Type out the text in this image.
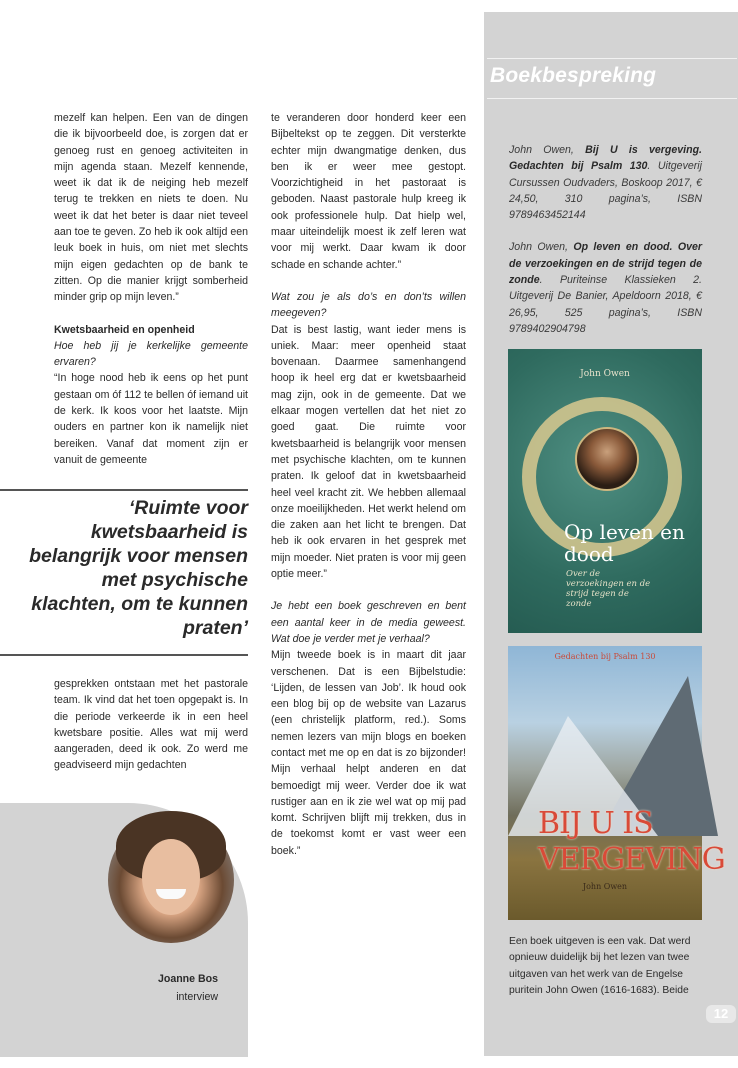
mezelf kan helpen. Een van de dingen die ik bijvoorbeeld doe, is zorgen dat er genoeg rust en genoeg activiteiten in mijn agenda staan. Mezelf kennende, weet ik dat ik de neiging heb mezelf terug te trekken en niets te doen. Nu weet ik dat het beter is daar niet teveel aan toe te geven. Zo heb ik ook altijd een leuk boek in huis, om niet met slechts mijn eigen gedachten op de bank te zitten. Op die manier krijgt somberheid minder grip op mijn leven.”

Kwetsbaarheid en openheid

Hoe heb jij je kerkelijke gemeente ervaren?

“In hoge nood heb ik eens op het punt gestaan om óf 112 te bellen óf iemand uit de kerk. Ik koos voor het laatste. Mijn ouders en partner kon ik namelijk niet bereiken. Vanaf dat moment zijn er vanuit de gemeente

‘Ruimte voor kwetsbaarheid is belangrijk voor mensen met psychische klachten, om te kunnen praten’

gesprekken ontstaan met het pastorale team. Ik vind dat het toen opgepakt is. In die periode verkeerde ik in een heel kwetsbare positie. Alles wat mij werd aangeraden, deed ik ook. Zo werd me geadviseerd mijn gedachten

te veranderen door honderd keer een Bijbeltekst op te zeggen. Dit versterkte echter mijn dwangmatige denken, dus ben ik er weer mee gestopt. Voorzichtigheid in het pastoraat is geboden. Naast pastorale hulp kreeg ik ook professionele hulp. Dat hielp wel, maar uiteindelijk moest ik zelf leren wat voor mij werkt. Daar kwam ik door schade en schande achter.”

Wat zou je als do’s en don’ts willen meegeven?

Dat is best lastig, want ieder mens is uniek. Maar: meer openheid staat bovenaan. Daarmee samenhangend hoop ik heel erg dat er kwetsbaarheid mag zijn, ook in de gemeente. Dat we elkaar mogen vertellen dat het niet zo goed gaat. Die ruimte voor kwetsbaarheid is belangrijk voor mensen met psychische klachten, om te kunnen praten. Ik geloof dat in kwetsbaarheid heel veel kracht zit. We hebben allemaal onze moeilijkheden. Het werkt helend om die zaken aan het licht te brengen. Dat heb ik ook ervaren in het gesprek met mijn moeder. Niet praten is voor mij geen optie meer.”

Je hebt een boek geschreven en bent een aantal keer in de media geweest. Wat doe je verder met je verhaal?

Mijn tweede boek is in maart dit jaar verschenen. Dat is een Bijbelstudie: ‘Lijden, de lessen van Job’. Ik houd ook een blog bij op de website van Lazarus (een christelijk platform, red.). Soms nemen lezers van mijn blogs en boeken contact met me op en dat is zo bijzonder! Mijn verhaal helpt anderen en dat bemoedigt mij weer. Verder doe ik wat rustiger aan en ik zie wel wat op mij pad komt. Schrijven blijft mij trekken, dus in de toekomst komt er vast weer een boek.”

Boekbespreking

John Owen, Bij U is vergeving. Gedachten bij Psalm 130. Uitgeverij Cursussen Oudvaders, Boskoop 2017, € 24,50, 310 pagina’s, ISBN 9789463452144

John Owen, Op leven en dood. Over de verzoekingen en de strijd tegen de zonde. Puriteinse Klassieken 2. Uitgeverij De Banier, Apeldoorn 2018, € 26,95, 525 pagina’s, ISBN 9789402904798

John Owen
Op leven en dood
Over de verzoekingen en de strijd tegen de zonde
Gedachten bij Psalm 130
BIJ U IS VERGEVING
John Owen

Een boek uitgeven is een vak. Dat werd opnieuw duidelijk bij het lezen van twee uitgaven van het werk van de Engelse puritein John Owen (1616-1683). Beide

12
Joanne Bos
interview
